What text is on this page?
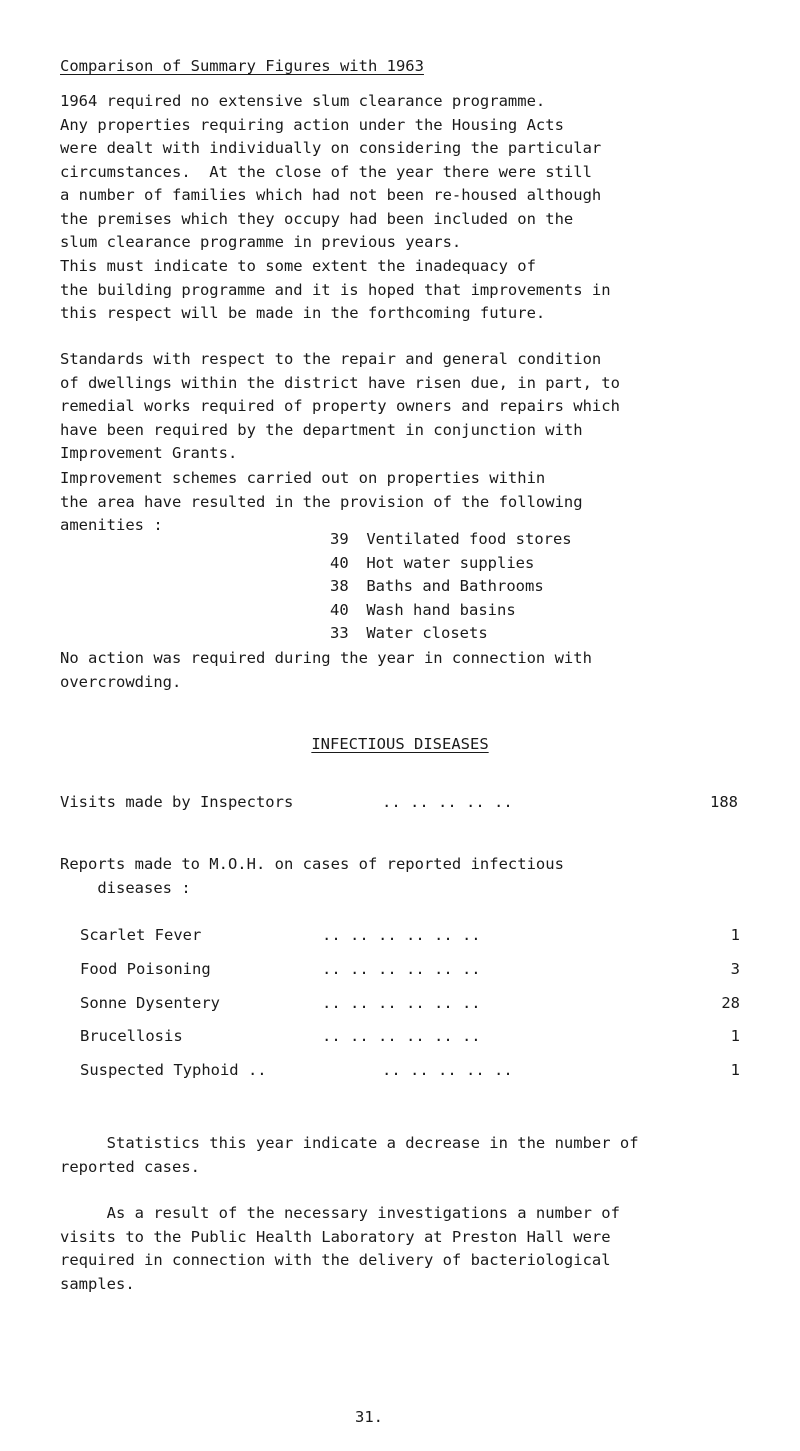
Comparison of Summary Figures with 1963
1964 required no extensive slum clearance programme.
Any properties requiring action under the Housing Acts
were dealt with individually on considering the particular
circumstances.  At the close of the year there were still
a number of families which had not been re-housed although
the premises which they occupy had been included on the
slum clearance programme in previous years.
This must indicate to some extent the inadequacy of
the building programme and it is hoped that improvements in
this respect will be made in the forthcoming future.
Standards with respect to the repair and general condition
of dwellings within the district have risen due, in part, to
remedial works required of property owners and repairs which
have been required by the department in conjunction with
Improvement Grants.
Improvement schemes carried out on properties within
the area have resulted in the provision of the following
amenities :
39 Ventilated food stores
40 Hot water supplies
38 Baths and Bathrooms
40 Wash hand basins
33 Water closets
No action was required during the year in connection with
overcrowding.
INFECTIOUS DISEASES
Visits made by Inspectors	.. .. .. .. ..	188
Reports made to M.O.H. on cases of reported infectious
diseases :
Scarlet Fever	.. .. .. .. .. ..	1
Food Poisoning	.. .. .. .. .. ..	3
Sonne Dysentery	.. .. .. .. .. ..	28
Brucellosis	.. .. .. .. .. ..	1
Suspected Typhoid ..	.. .. .. .. ..	1
Statistics this year indicate a decrease in the number of
reported cases.
As a result of the necessary investigations a number of
visits to the Public Health Laboratory at Preston Hall were
required in connection with the delivery of bacteriological
samples.
31.
